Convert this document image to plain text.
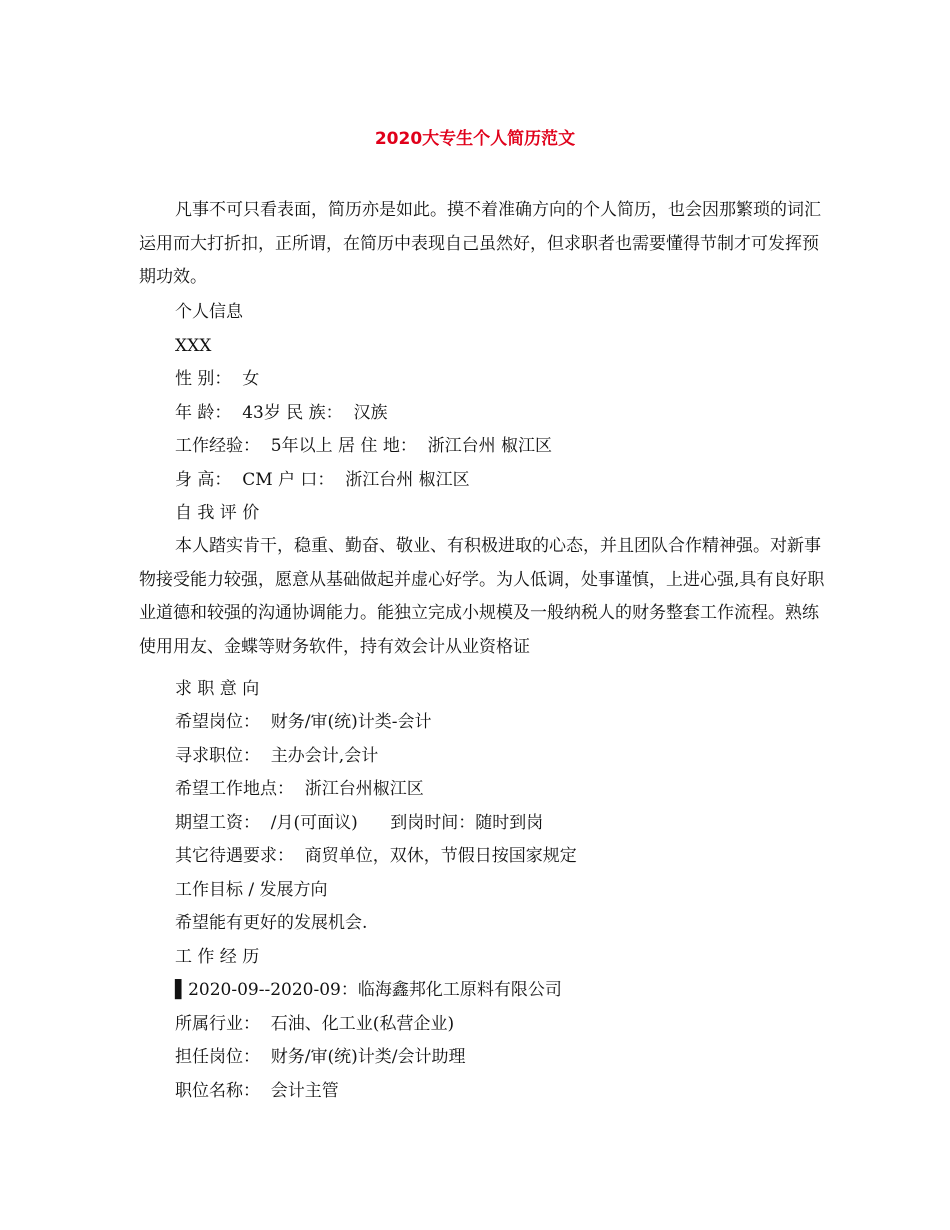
2020大专生个人简历范文
凡事不可只看表面，简历亦是如此。摸不着准确方向的个人简历，也会因那繁琐的词汇运用而大打折扣，正所谓，在简历中表现自己虽然好，但求职者也需要懂得节制才可发挥预期功效。
个人信息
XXX
性 别：  女
年 龄：  43岁 民 族：  汉族
工作经验：  5年以上 居 住 地：  浙江台州 椒江区
身 高：  CM 户 口：  浙江台州 椒江区
自 我 评 价
本人踏实肯干，稳重、勤奋、敬业、有积极进取的心态，并且团队合作精神强。对新事物接受能力较强，愿意从基础做起并虚心好学。为人低调，处事谨慎，上进心强,具有良好职业道德和较强的沟通协调能力。能独立完成小规模及一般纳税人的财务整套工作流程。熟练使用用友、金蝶等财务软件，持有效会计从业资格证
求 职 意 向
希望岗位：  财务/审(统)计类-会计
寻求职位：  主办会计,会计
希望工作地点：  浙江台州椒江区
期望工资：  /月(可面议)      到岗时间：随时到岗
其它待遇要求：  商贸单位，双休，节假日按国家规定
工作目标 / 发展方向
希望能有更好的发展机会.
工 作 经 历
▌2020-09--2020-09：临海鑫邦化工原料有限公司
所属行业：  石油、化工业(私营企业)
担任岗位：  财务/审(统)计类/会计助理
职位名称：  会计主管
